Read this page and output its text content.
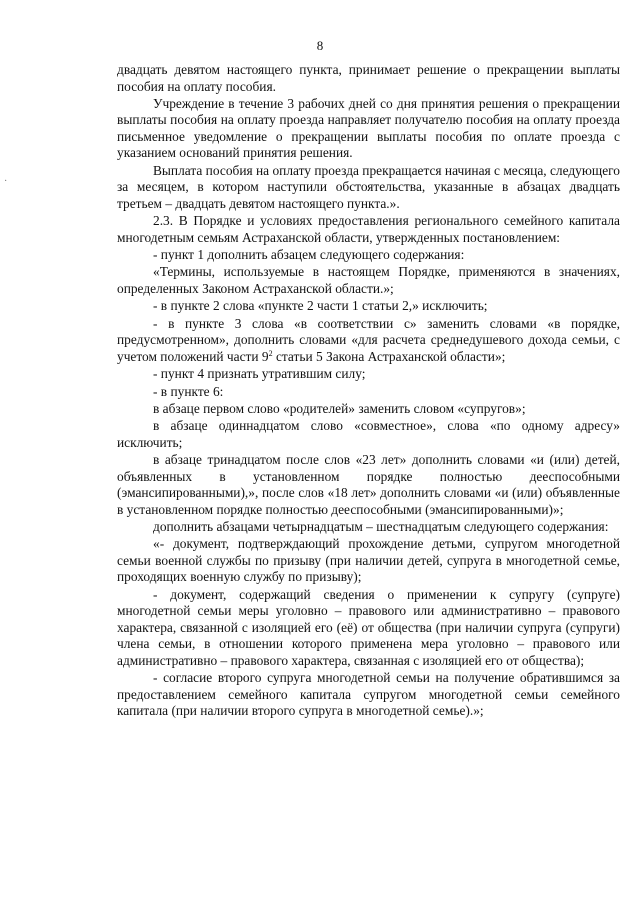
8
·

двадцать девятом настоящего пункта, принимает решение о прекращении выплаты пособия на оплату пособия.

Учреждение в течение 3 рабочих дней со дня принятия решения о прекращении выплаты пособия на оплату проезда направляет получателю пособия на оплату проезда письменное уведомление о прекращении выплаты пособия по оплате проезда с указанием оснований принятия решения.

Выплата пособия на оплату проезда прекращается начиная с месяца, следующего за месяцем, в котором наступили обстоятельства, указанные в абзацах двадцать третьем – двадцать девятом настоящего пункта.».

2.3. В Порядке и условиях предоставления регионального семейного капитала многодетным семьям Астраханской области, утвержденных постановлением:

- пункт 1 дополнить абзацем следующего содержания:

«Термины, используемые в настоящем Порядке, применяются в значениях, определенных Законом Астраханской области.»;

- в пункте 2 слова «пункте 2 части 1 статьи 2,» исключить;

- в пункте 3 слова «в соответствии с» заменить словами «в порядке, предусмотренном», дополнить словами «для расчета среднедушевого дохода семьи, с учетом положений части $9^2$ статьи 5 Закона Астраханской области»;

- пункт 4 признать утратившим силу;

- в пункте 6:

в абзаце первом слово «родителей» заменить словом «супругов»;

в абзаце одиннадцатом слово «совместное», слова «по одному адресу» исключить;

в абзаце тринадцатом после слов «23 лет» дополнить словами «и (или) детей, объявленных в установленном порядке полностью дееспособными (эмансипированными),», после слов «18 лет» дополнить словами «и (или) объявленные в установленном порядке полностью дееспособными (эмансипированными)»;

дополнить абзацами четырнадцатым – шестнадцатым следующего содержания:

«- документ, подтверждающий прохождение детьми, супругом многодетной семьи военной службы по призыву (при наличии детей, супруга в многодетной семье, проходящих военную службу по призыву);

- документ, содержащий сведения о применении к супругу (супруге) многодетной семьи меры уголовно – правового или административно – правового характера, связанной с изоляцией его (её) от общества (при наличии супруга (супруги) члена семьи, в отношении которого применена мера уголовно – правового или административно – правового характера, связанная с изоляцией его от общества);

- согласие второго супруга многодетной семьи на получение обратившимся за предоставлением семейного капитала супругом многодетной семьи семейного капитала (при наличии второго супруга в многодетной семье).»;
